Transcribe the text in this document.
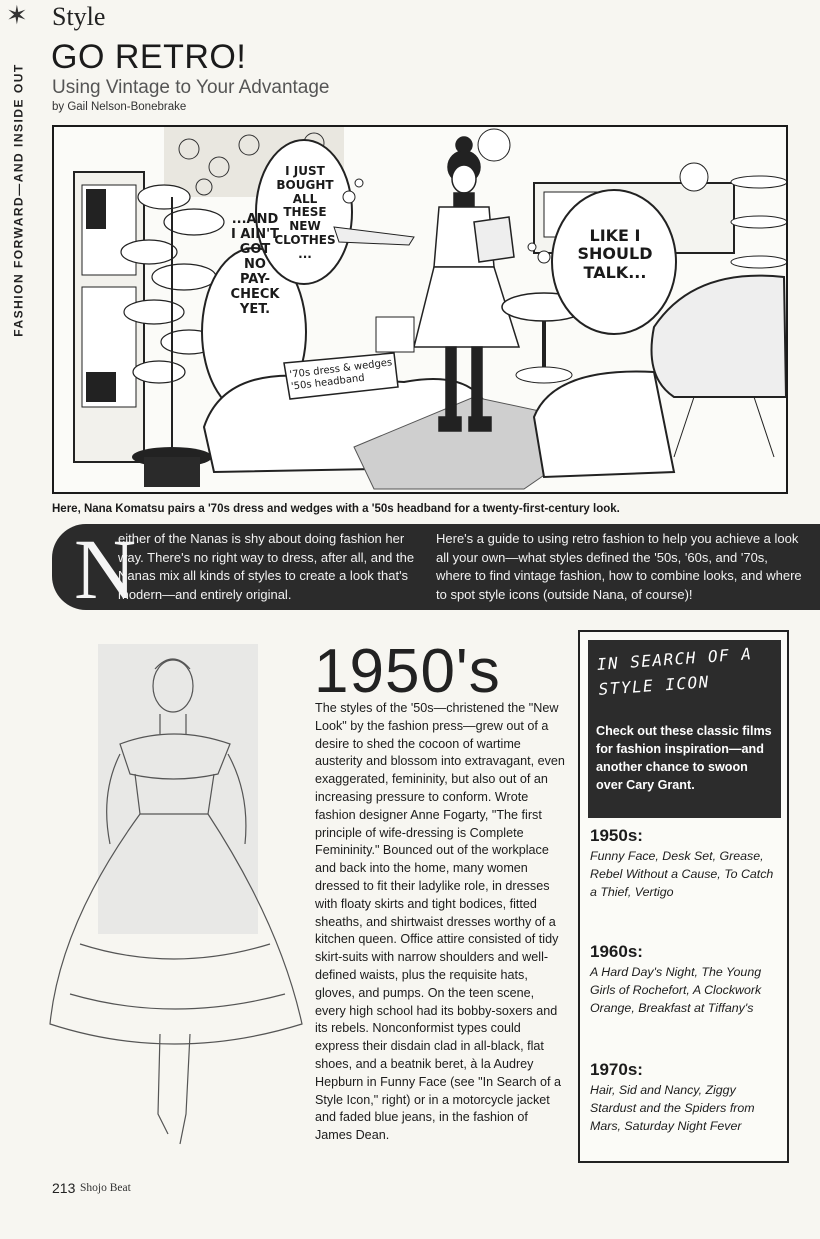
✶
FASHION FORWARD—AND INSIDE OUT
Style
GO RETRO!
Using Vintage to Your Advantage
by Gail Nelson-Bonebrake
...AND
I AIN'T
GOT
NO
PAY-
CHECK
YET.
I JUST
BOUGHT
ALL
THESE
NEW
CLOTHES
...
LIKE I
SHOULD
TALK...
'70s dress & wedges
'50s headband
Here, Nana Komatsu pairs a '70s dress and wedges with a '50s headband for a twenty-first-century look.
N
either of the Nanas is shy about doing fashion her way. There's no right way to dress, after all, and the Nanas mix all kinds of styles to create a look that's modern—and entirely original.
Here's a guide to using retro fashion to help you achieve a look all your own—what styles defined the '50s, '60s, and '70s, where to find vintage fashion, how to combine looks, and where to spot style icons (outside Nana, of course)!
1950's
The styles of the '50s—christened the "New Look" by the fashion press—grew out of a desire to shed the cocoon of wartime austerity and blossom into extravagant, even exaggerated, femininity, but also out of an increasing pressure to conform. Wrote fashion designer Anne Fogarty, "The first principle of wife-dressing is Complete Femininity." Bounced out of the workplace and back into the home, many women dressed to fit their ladylike role, in dresses with floaty skirts and tight bodices, fitted sheaths, and shirtwaist dresses worthy of a kitchen queen. Office attire consisted of tidy skirt-suits with narrow shoulders and well-defined waists, plus the requisite hats, gloves, and pumps. On the teen scene, every high school had its bobby-soxers and its rebels. Nonconformist types could express their disdain clad in all-black, flat shoes, and a beatnik beret, à la Audrey Hepburn in Funny Face (see "In Search of a Style Icon," right) or in a motorcycle jacket and faded blue jeans, in the fashion of James Dean.
IN SEARCH OF A STYLE ICON
Check out these classic films for fashion inspiration—and another chance to swoon over Cary Grant.
1950s:
Funny Face, Desk Set, Grease, Rebel Without a Cause, To Catch a Thief, Vertigo
1960s:
A Hard Day's Night, The Young Girls of Rochefort, A Clockwork Orange, Breakfast at Tiffany's
1970s:
Hair, Sid and Nancy, Ziggy Stardust and the Spiders from Mars, Saturday Night Fever
213 Shojo Beat
